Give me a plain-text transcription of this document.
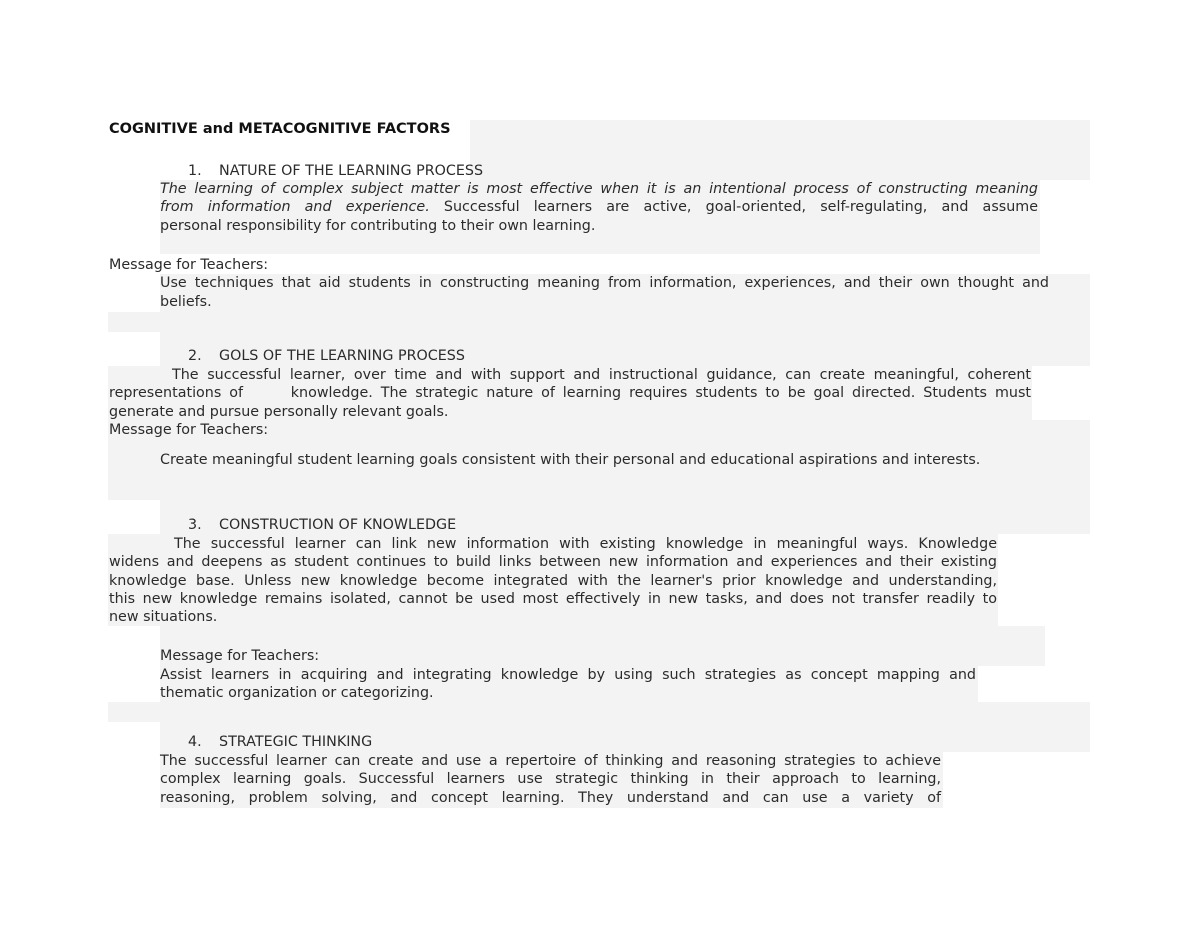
COGNITIVE and METACOGNITIVE FACTORS
1. NATURE OF THE LEARNING PROCESS
The learning of complex subject matter is most effective when it is an intentional process of constructing meaning
from information and experience. Successful learners are active, goal-oriented, self-regulating, and assume
personal responsibility for contributing to their own learning.
Message for Teachers:
Use techniques that aid students in constructing meaning from information, experiences, and their own thought and
beliefs.
2. GOLS OF THE LEARNING PROCESS
The successful learner, over time and with support and instructional guidance, can create meaningful, coherent
representations of      knowledge. The strategic nature of learning requires students to be goal directed. Students must
generate and pursue personally relevant goals.
Message for Teachers:
Create meaningful student learning goals consistent with their personal and educational aspirations and interests.
3. CONSTRUCTION OF KNOWLEDGE
The successful learner can link new information with existing knowledge in meaningful ways. Knowledge
widens and deepens as student continues to build links between new information and experiences and their existing
knowledge base. Unless new knowledge become integrated with the learner's prior knowledge and understanding,
this new knowledge remains isolated, cannot be used most effectively in new tasks, and does not transfer readily to
new situations.
Message for Teachers:
Assist learners in acquiring and integrating knowledge by using such strategies as concept mapping and
thematic organization or categorizing.
4. STRATEGIC THINKING
The successful learner can create and use a repertoire of thinking and reasoning strategies to achieve
complex learning goals. Successful learners use strategic thinking in their approach to learning,
reasoning, problem solving, and concept learning. They understand and can use a variety of
